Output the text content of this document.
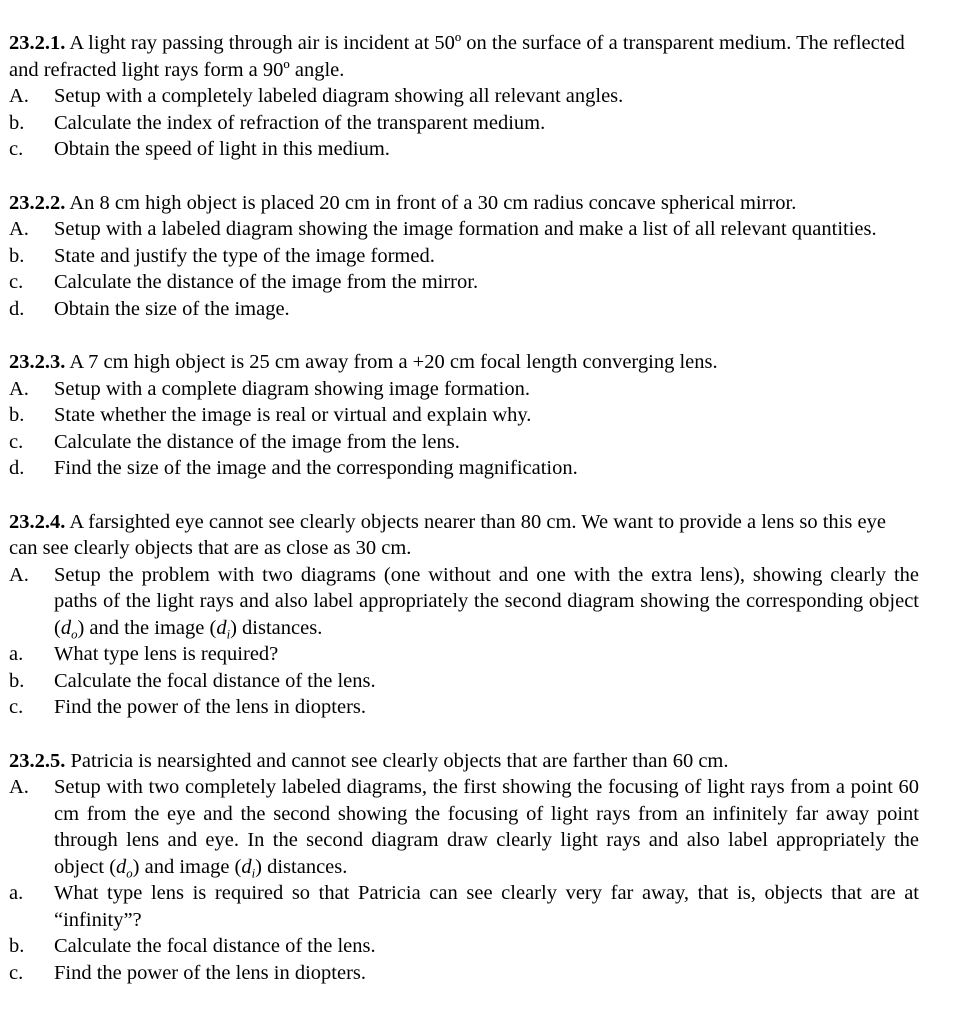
23.2.1. A light ray passing through air is incident at 50º on the surface of a transparent medium. The reflected and refracted light rays form a 90º angle.
A. Setup with a completely labeled diagram showing all relevant angles.
b. Calculate the index of refraction of the transparent medium.
c. Obtain the speed of light in this medium.
23.2.2. An 8 cm high object is placed 20 cm in front of a 30 cm radius concave spherical mirror.
A. Setup with a labeled diagram showing the image formation and make a list of all relevant quantities.
b. State and justify the type of the image formed.
c. Calculate the distance of the image from the mirror.
d. Obtain the size of the image.
23.2.3. A 7 cm high object is 25 cm away from a +20 cm focal length converging lens.
A. Setup with a complete diagram showing image formation.
b. State whether the image is real or virtual and explain why.
c. Calculate the distance of the image from the lens.
d. Find the size of the image and the corresponding magnification.
23.2.4. A farsighted eye cannot see clearly objects nearer than 80 cm. We want to provide a lens so this eye can see clearly objects that are as close as 30 cm.
A. Setup the problem with two diagrams (one without and one with the extra lens), showing clearly the paths of the light rays and also label appropriately the second diagram showing the corresponding object $(d_o)$ and the image $(d_i)$ distances.
a. What type lens is required?
b. Calculate the focal distance of the lens.
c. Find the power of the lens in diopters.
23.2.5. Patricia is nearsighted and cannot see clearly objects that are farther than 60 cm.
A. Setup with two completely labeled diagrams, the first showing the focusing of light rays from a point 60 cm from the eye and the second showing the focusing of light rays from an infinitely far away point through lens and eye. In the second diagram draw clearly light rays and also label appropriately the object $(d_o)$ and image $(d_i)$ distances.
a. What type lens is required so that Patricia can see clearly very far away, that is, objects that are at “infinity”?
b. Calculate the focal distance of the lens.
c. Find the power of the lens in diopters.
